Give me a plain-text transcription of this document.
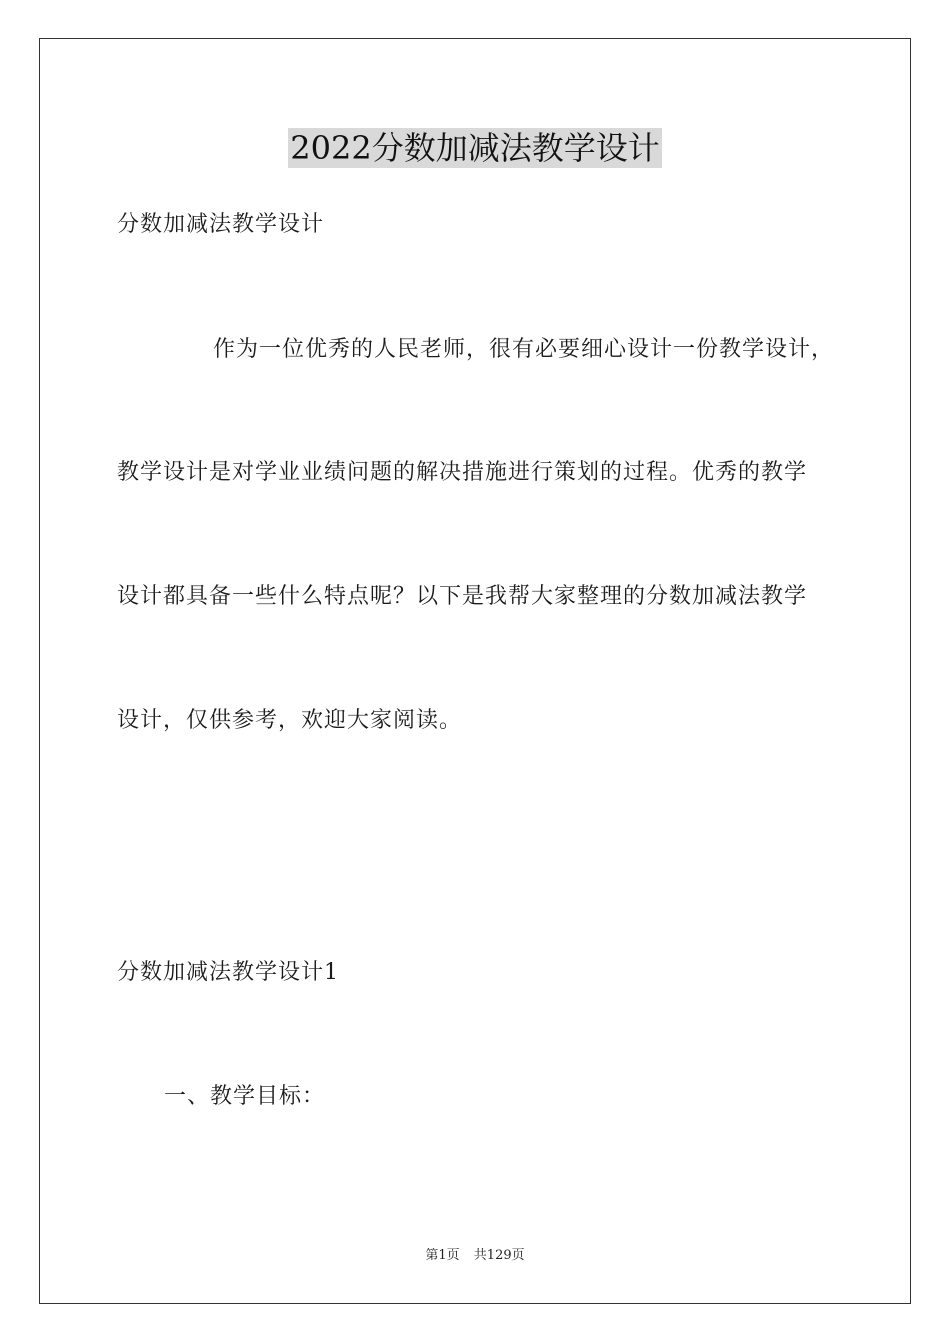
2022分数加减法教学设计
分数加减法教学设计
作为一位优秀的人民老师，很有必要细心设计一份教学设计，
教学设计是对学业业绩问题的解决措施进行策划的过程。优秀的教学
设计都具备一些什么特点呢？以下是我帮大家整理的分数加减法教学
设计，仅供参考，欢迎大家阅读。
分数加减法教学设计1
一、教学目标：
第1页 共129页
